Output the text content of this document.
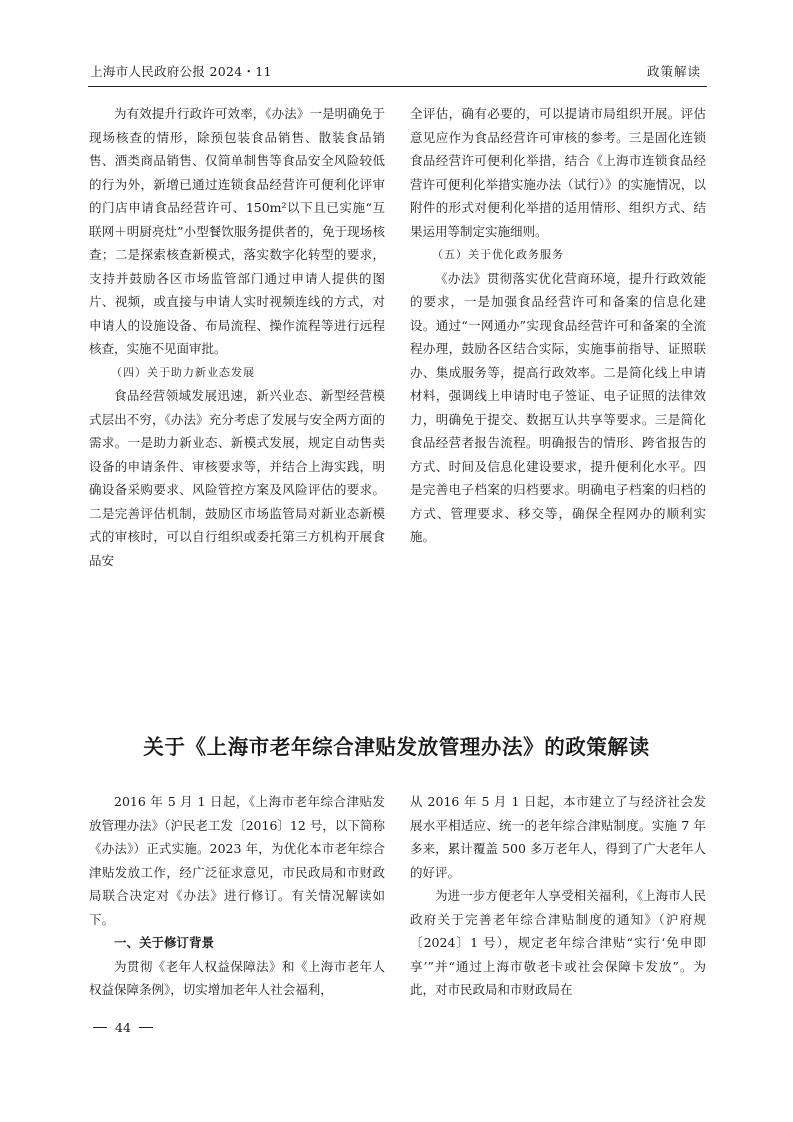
上海市人民政府公报 2024・11	政策解读

为有效提升行政许可效率，《办法》一是明确免于现场核查的情形，除预包装食品销售、散装食品销售、酒类商品销售、仅简单制售等食品安全风险较低的行为外，新增已通过连锁食品经营许可便利化评审的门店申请食品经营许可、150m²以下且已实施“互联网＋明厨亮灶”小型餐饮服务提供者的，免于现场核查；二是探索核查新模式，落实数字化转型的要求，支持并鼓励各区市场监管部门通过申请人提供的图片、视频，或直接与申请人实时视频连线的方式，对申请人的设施设备、布局流程、操作流程等进行远程核查，实施不见面审批。

（四）关于助力新业态发展

食品经营领域发展迅速，新兴业态、新型经营模式层出不穷，《办法》充分考虑了发展与安全两方面的需求。一是助力新业态、新模式发展，规定自动售卖设备的申请条件、审核要求等，并结合上海实践，明确设备采购要求、风险管控方案及风险评估的要求。二是完善评估机制，鼓励区市场监管局对新业态新模式的审核时，可以自行组织或委托第三方机构开展食品安

全评估，确有必要的，可以提请市局组织开展。评估意见应作为食品经营许可审核的参考。三是固化连锁食品经营许可便利化举措，结合《上海市连锁食品经营许可便利化举措实施办法（试行）》的实施情况，以附件的形式对便利化举措的适用情形、组织方式、结果运用等制定实施细则。

（五）关于优化政务服务

《办法》贯彻落实优化营商环境，提升行政效能的要求，一是加强食品经营许可和备案的信息化建设。通过“一网通办”实现食品经营许可和备案的全流程办理，鼓励各区结合实际，实施事前指导、证照联办、集成服务等，提高行政效率。二是简化线上申请材料，强调线上申请时电子签证、电子证照的法律效力，明确免于提交、数据互认共享等要求。三是简化食品经营者报告流程。明确报告的情形、跨省报告的方式、时间及信息化建设要求，提升便利化水平。四是完善电子档案的归档要求。明确电子档案的归档的方式、管理要求、移交等，确保全程网办的顺利实施。

关于《上海市老年综合津贴发放管理办法》的政策解读

2016 年 5 月 1 日起，《上海市老年综合津贴发放管理办法》（沪民老工发〔2016〕12 号，以下简称《办法》）正式实施。2023 年，为优化本市老年综合津贴发放工作，经广泛征求意见，市民政局和市财政局联合决定对《办法》进行修订。有关情况解读如下。

一、关于修订背景

为贯彻《老年人权益保障法》和《上海市老年人权益保障条例》，切实增加老年人社会福利，

从 2016 年 5 月 1 日起，本市建立了与经济社会发展水平相适应、统一的老年综合津贴制度。实施 7 年多来，累计覆盖 500 多万老年人，得到了广大老年人的好评。

为进一步方便老年人享受相关福利，《上海市人民政府关于完善老年综合津贴制度的通知》（沪府规〔2024〕1 号），规定老年综合津贴“实行‘免申即享’”并“通过上海市敬老卡或社会保障卡发放”。为此，对市民政局和市财政局在

44
